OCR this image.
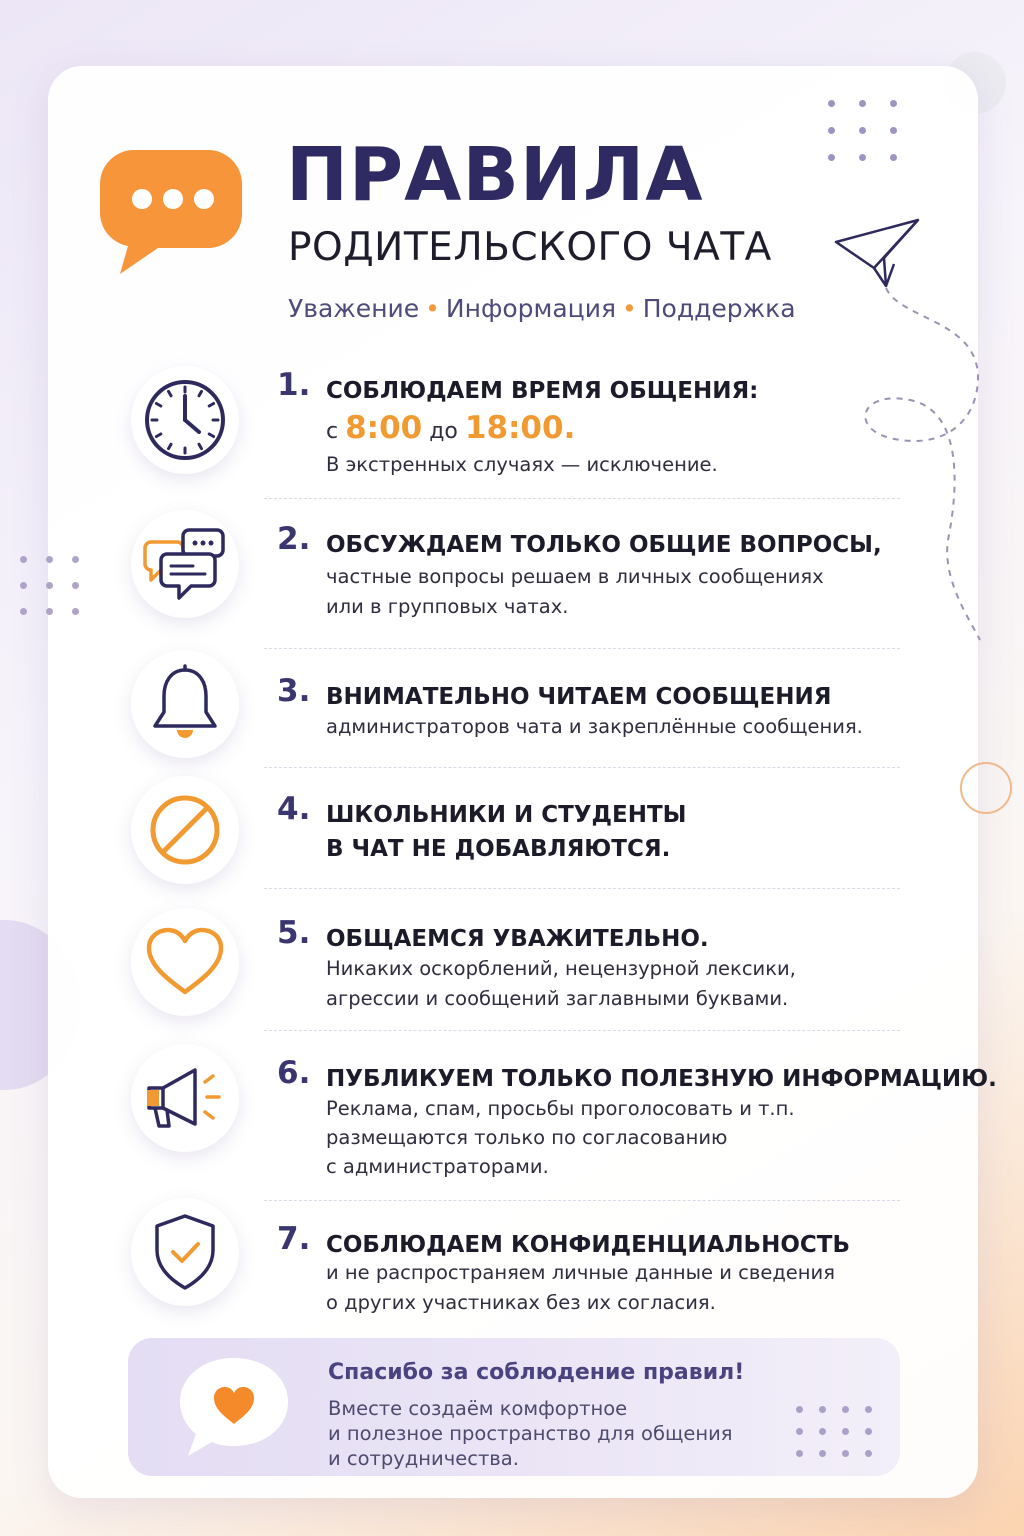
ПРАВИЛА
РОДИТЕЛЬСКОГО ЧАТА
Уважение • Информация • Поддержка
1. СОБЛЮДАЕМ ВРЕМЯ ОБЩЕНИЯ:
с 8:00 до 18:00.
В экстренных случаях — исключение.
2. ОБСУЖДАЕМ ТОЛЬКО ОБЩИЕ ВОПРОСЫ,
частные вопросы решаем в личных сообщениях
или в групповых чатах.
3. ВНИМАТЕЛЬНО ЧИТАЕМ СООБЩЕНИЯ
администраторов чата и закреплённые сообщения.
4. ШКОЛЬНИКИ И СТУДЕНТЫ
В ЧАТ НЕ ДОБАВЛЯЮТСЯ.
5. ОБЩАЕМСЯ УВАЖИТЕЛЬНО.
Никаких оскорблений, нецензурной лексики,
агрессии и сообщений заглавными буквами.
6. ПУБЛИКУЕМ ТОЛЬКО ПОЛЕЗНУЮ ИНФОРМАЦИЮ.
Реклама, спам, просьбы проголосовать и т.п.
размещаются только по согласованию
с администраторами.
7. СОБЛЮДАЕМ КОНФИДЕНЦИАЛЬНОСТЬ
и не распространяем личные данные и сведения
о других участниках без их согласия.
Спасибо за соблюдение правил!
Вместе создаём комфортное
и полезное пространство для общения
и сотрудничества.
